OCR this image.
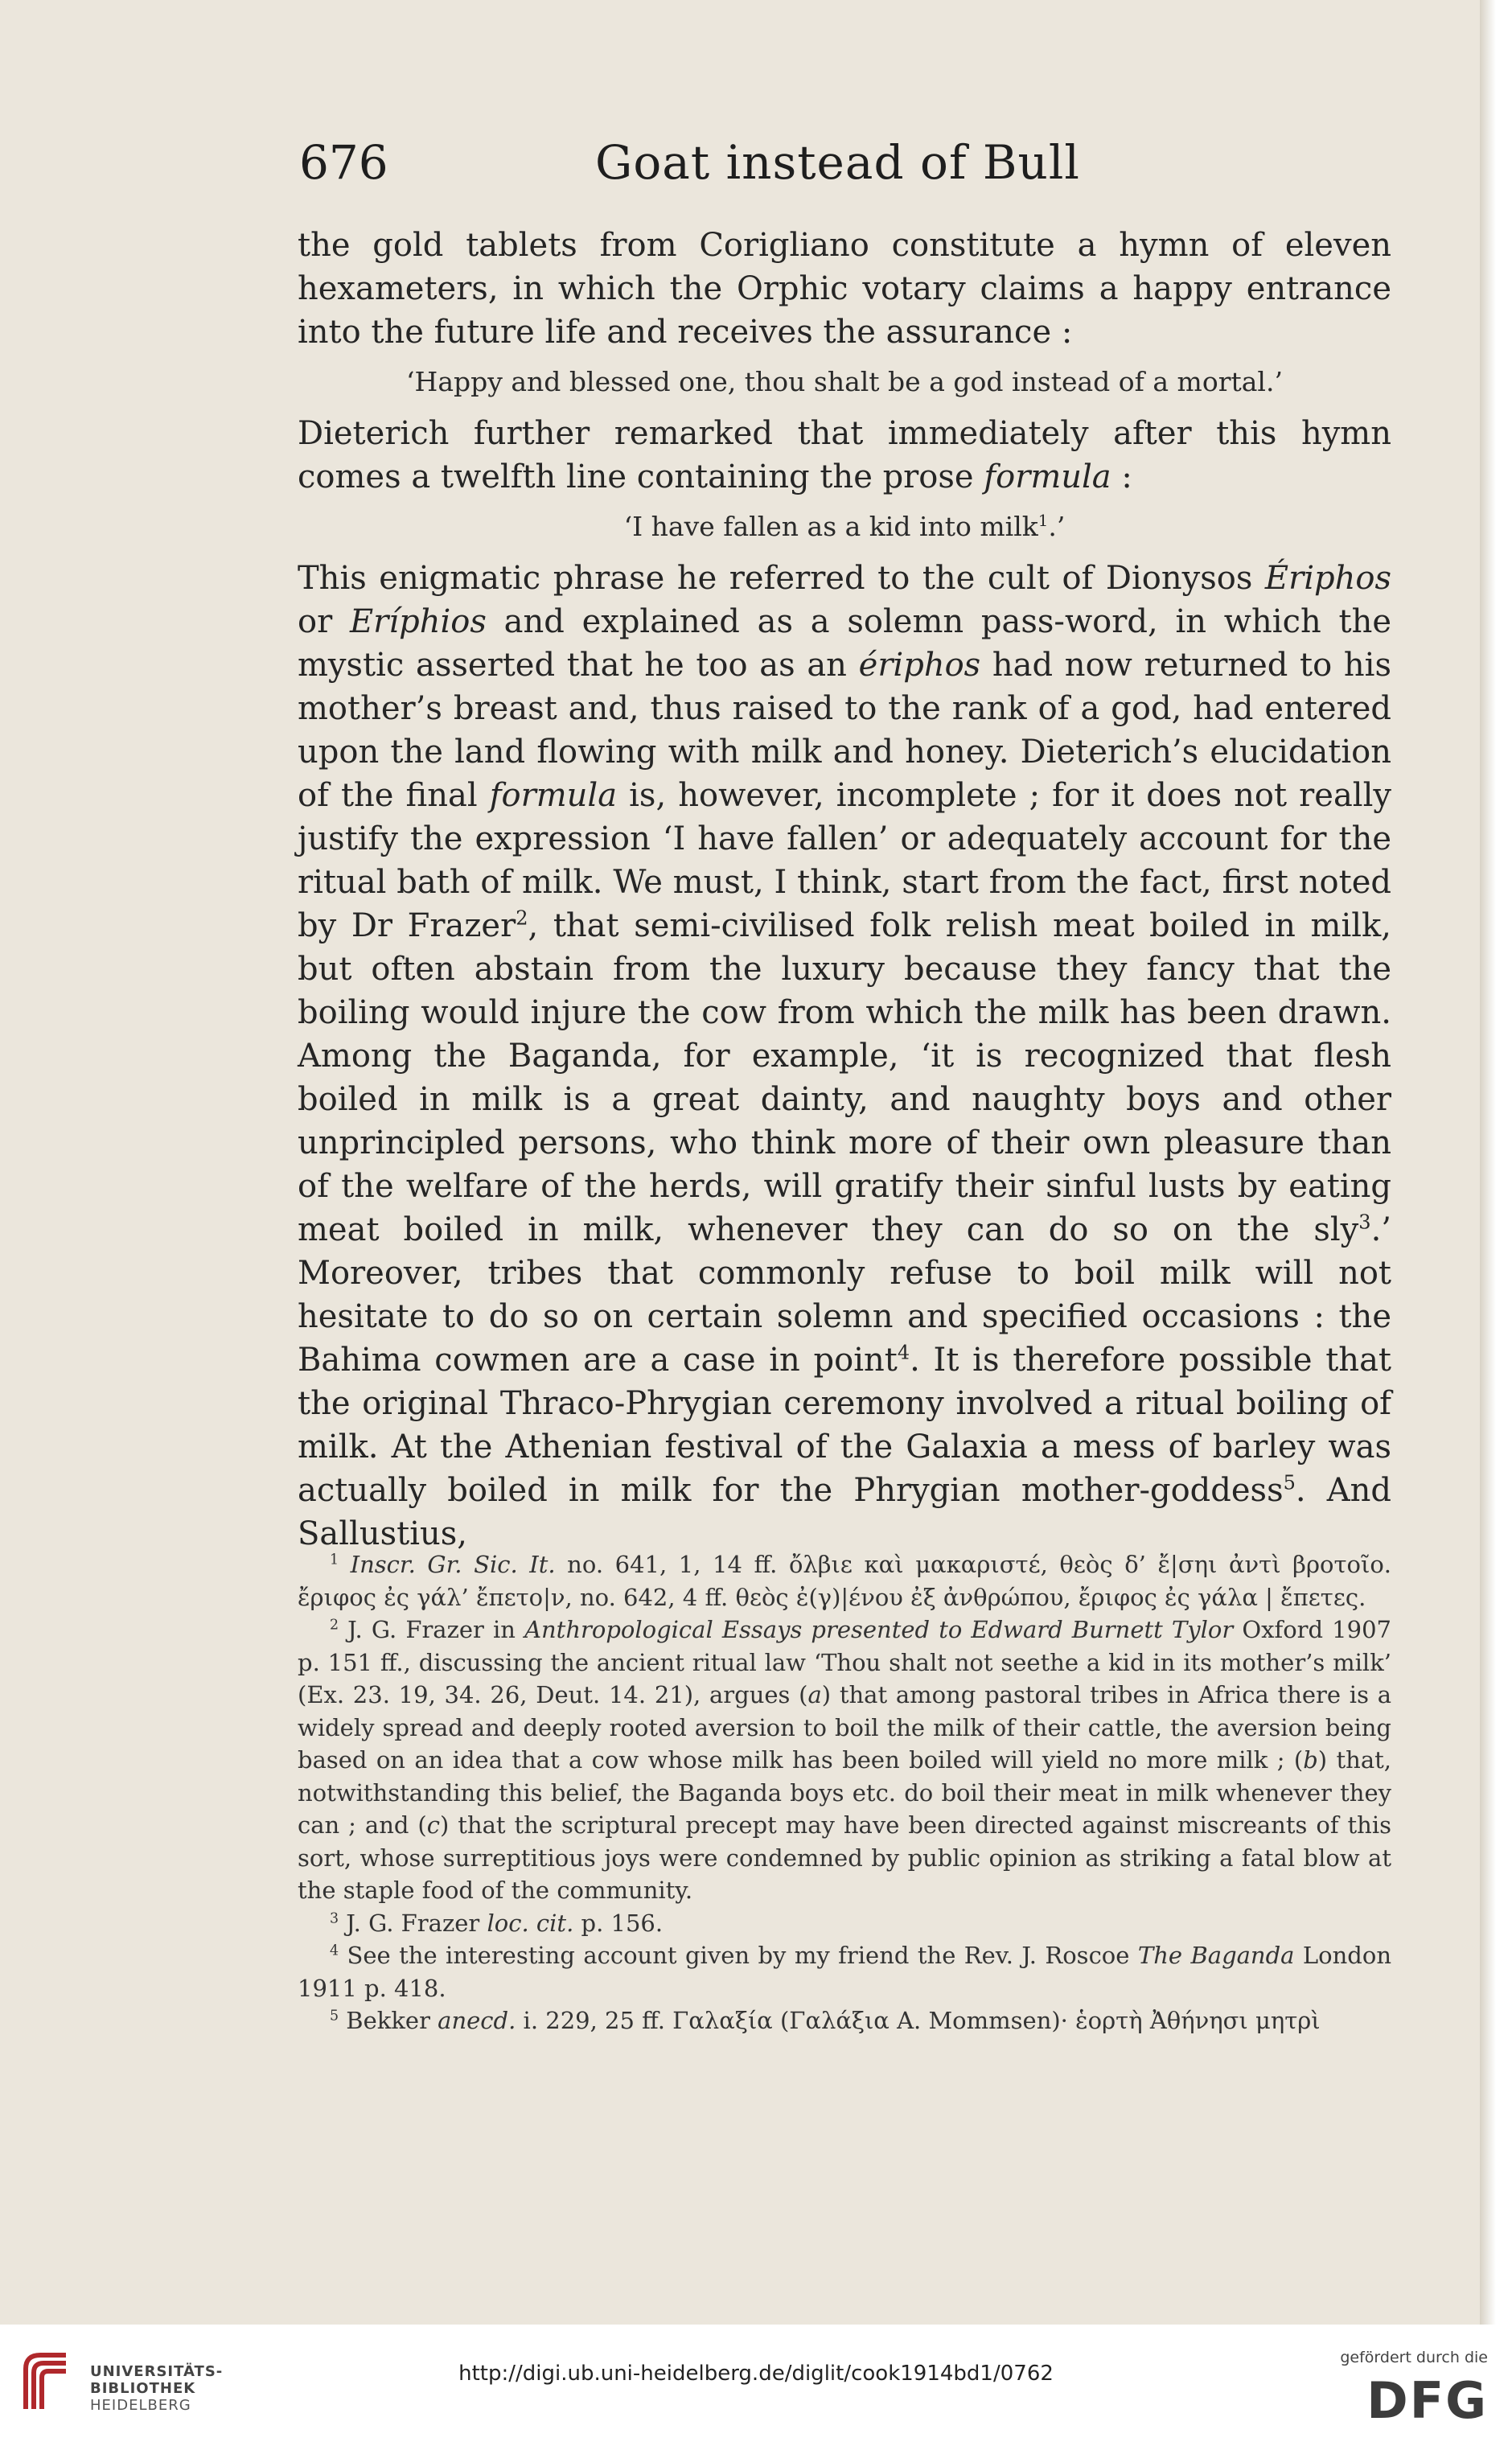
676	Goat instead of Bull

the gold tablets from Corigliano constitute a hymn of eleven hexameters, in which the Orphic votary claims a happy entrance into the future life and receives the assurance :

‘Happy and blessed one, thou shalt be a god instead of a mortal.’

Dieterich further remarked that immediately after this hymn comes a twelfth line containing the prose formula :

‘I have fallen as a kid into milk$^1$.’

This enigmatic phrase he referred to the cult of Dionysos Ériphos or Eríphios and explained as a solemn pass-word, in which the mystic asserted that he too as an ériphos had now returned to his mother’s breast and, thus raised to the rank of a god, had entered upon the land flowing with milk and honey. Dieterich’s elucidation of the final formula is, however, incomplete ; for it does not really justify the expression ‘I have fallen’ or adequately account for the ritual bath of milk. We must, I think, start from the fact, first noted by Dr Frazer$^2$, that semi-civilised folk relish meat boiled in milk, but often abstain from the luxury because they fancy that the boiling would injure the cow from which the milk has been drawn. Among the Baganda, for example, ‘it is recognized that flesh boiled in milk is a great dainty, and naughty boys and other unprincipled persons, who think more of their own pleasure than of the welfare of the herds, will gratify their sinful lusts by eating meat boiled in milk, whenever they can do so on the sly$^3$.’ Moreover, tribes that commonly refuse to boil milk will not hesitate to do so on certain solemn and specified occasions : the Bahima cowmen are a case in point$^4$. It is therefore possible that the original Thraco-Phrygian ceremony involved a ritual boiling of milk. At the Athenian festival of the Galaxia a mess of barley was actually boiled in milk for the Phrygian mother-goddess$^5$. And Sallustius,

$^1$ Inscr. Gr. Sic. It. no. 641, 1, 14 ff. ὄλβιε καὶ μακαριστέ, θεὸς δ’ ἔ|σηι ἀντὶ βροτοῖο. ἔριφος ἐς γάλ’ ἔπετο|ν, no. 642, 4 ff. θεὸς ἐ(γ)|ένου ἐξ ἀνθρώπου, ἔριφος ἐς γάλα | ἔπετες.

$^2$ J. G. Frazer in Anthropological Essays presented to Edward Burnett Tylor Oxford 1907 p. 151 ff., discussing the ancient ritual law ‘Thou shalt not seethe a kid in its mother’s milk’ (Ex. 23. 19, 34. 26, Deut. 14. 21), argues (a) that among pastoral tribes in Africa there is a widely spread and deeply rooted aversion to boil the milk of their cattle, the aversion being based on an idea that a cow whose milk has been boiled will yield no more milk ; (b) that, notwithstanding this belief, the Baganda boys etc. do boil their meat in milk whenever they can ; and (c) that the scriptural precept may have been directed against miscreants of this sort, whose surreptitious joys were condemned by public opinion as striking a fatal blow at the staple food of the community.

$^3$ J. G. Frazer loc. cit. p. 156.

$^4$ See the interesting account given by my friend the Rev. J. Roscoe The Baganda London 1911 p. 418.

$^5$ Bekker anecd. i. 229, 25 ff. Γαλαξία (Γαλάξια A. Mommsen)· ἑορτὴ Ἀθήνησι μητρὶ

UNIVERSITÄTS-
BIBLIOTHEK
HEIDELBERG
http://digi.ub.uni-heidelberg.de/diglit/cook1914bd1/0762
gefördert durch die
DFG
